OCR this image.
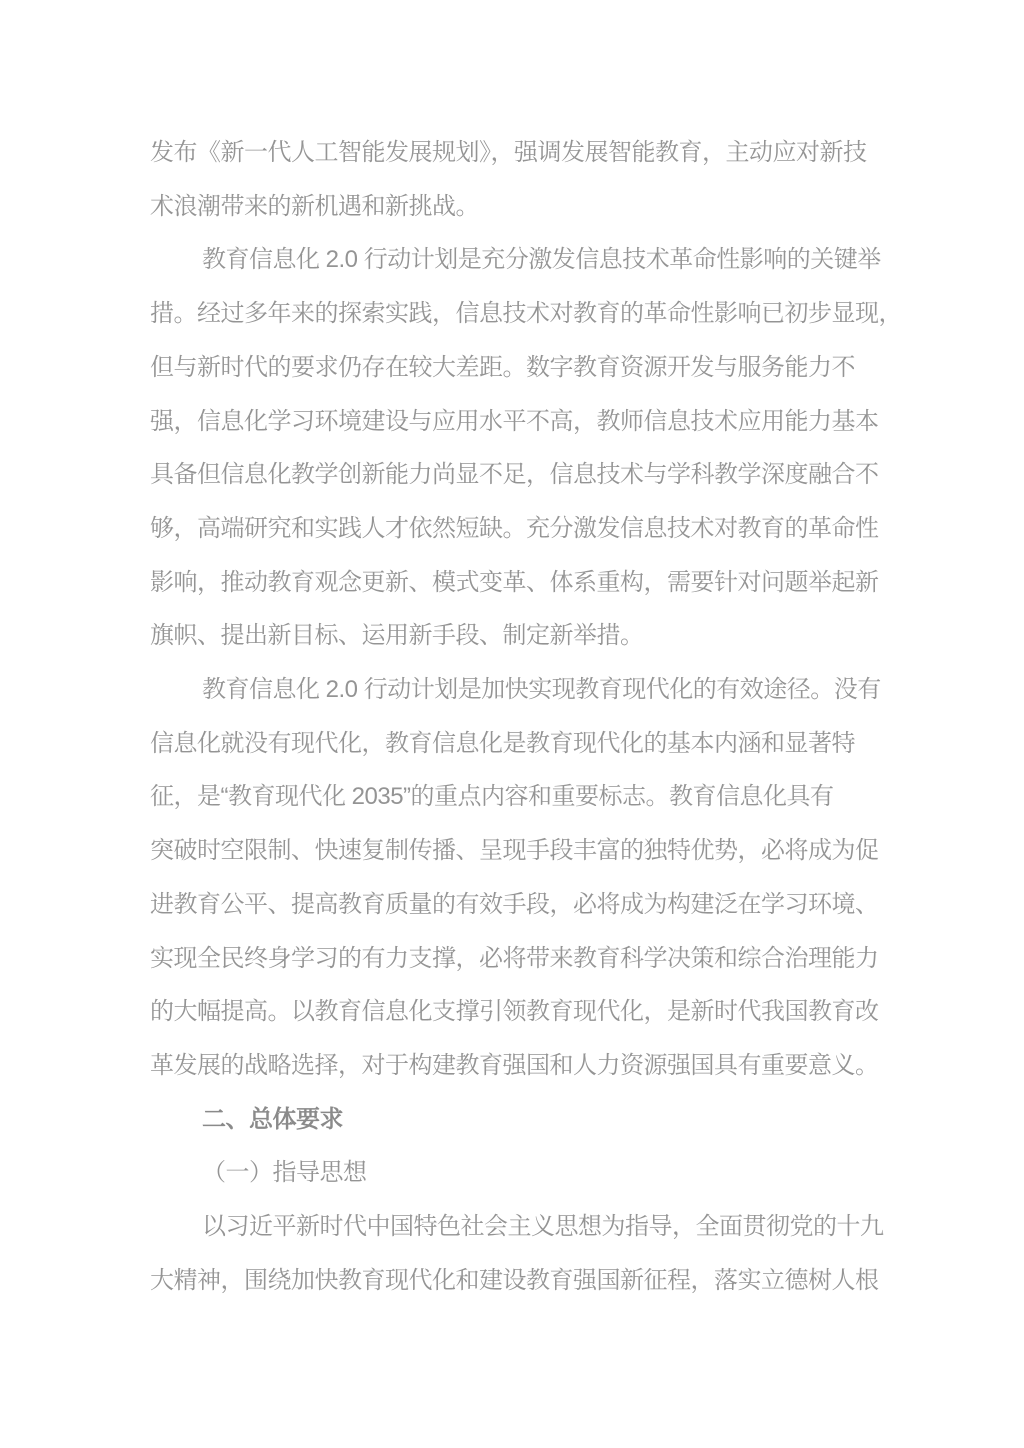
发布《新一代人工智能发展规划》，强调发展智能教育，主动应对新技
术浪潮带来的新机遇和新挑战。
教育信息化 2.0 行动计划是充分激发信息技术革命性影响的关键举
措。经过多年来的探索实践，信息技术对教育的革命性影响已初步显现，
但与新时代的要求仍存在较大差距。数字教育资源开发与服务能力不
强，信息化学习环境建设与应用水平不高，教师信息技术应用能力基本
具备但信息化教学创新能力尚显不足，信息技术与学科教学深度融合不
够，高端研究和实践人才依然短缺。充分激发信息技术对教育的革命性
影响，推动教育观念更新、模式变革、体系重构，需要针对问题举起新
旗帜、提出新目标、运用新手段、制定新举措。
教育信息化 2.0 行动计划是加快实现教育现代化的有效途径。没有
信息化就没有现代化，教育信息化是教育现代化的基本内涵和显著特
征，是“教育现代化 2035”的重点内容和重要标志。教育信息化具有
突破时空限制、快速复制传播、呈现手段丰富的独特优势，必将成为促
进教育公平、提高教育质量的有效手段，必将成为构建泛在学习环境、
实现全民终身学习的有力支撑，必将带来教育科学决策和综合治理能力
的大幅提高。以教育信息化支撑引领教育现代化，是新时代我国教育改
革发展的战略选择，对于构建教育强国和人力资源强国具有重要意义。
二、总体要求
（一）指导思想
以习近平新时代中国特色社会主义思想为指导，全面贯彻党的十九
大精神，围绕加快教育现代化和建设教育强国新征程，落实立德树人根
